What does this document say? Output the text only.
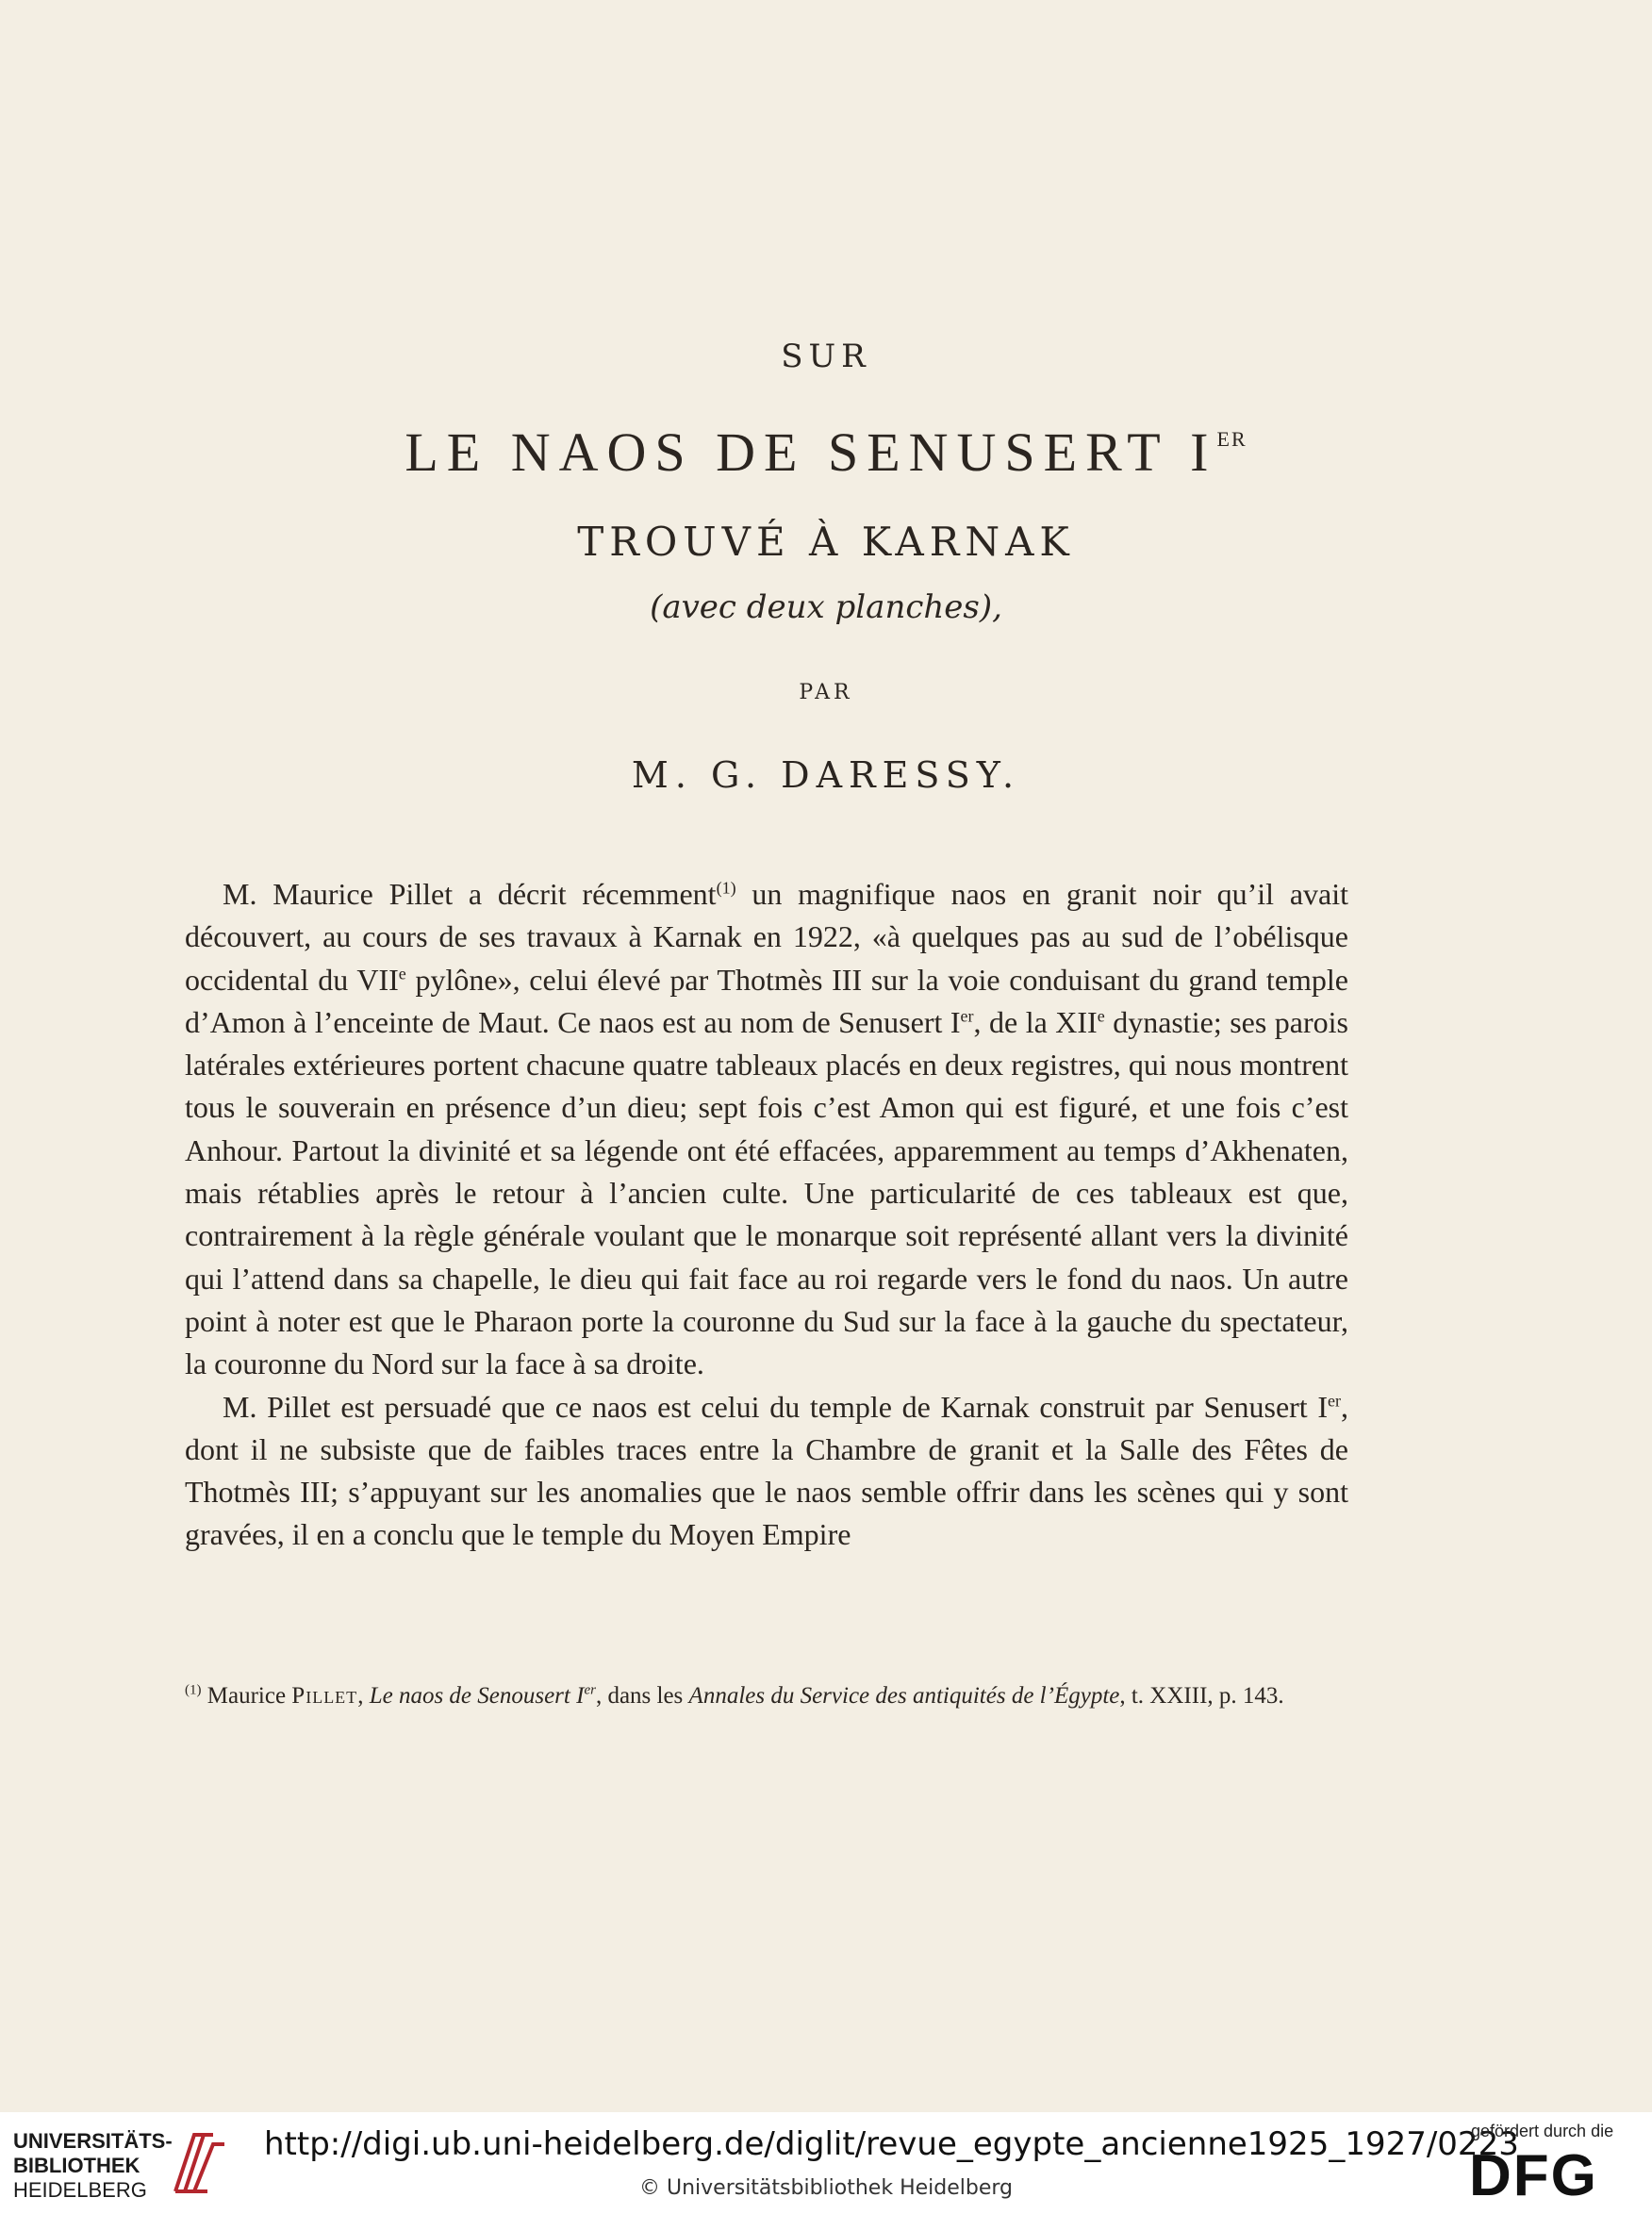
SUR
LE NAOS DE SENUSERT IER
TROUVÉ À KARNAK
(avec deux planches),
PAR
M. G. DARESSY.

M. Maurice Pillet a décrit récemment$^{(1)}$ un magnifique naos en granit noir qu’il avait découvert, au cours de ses travaux à Karnak en 1922, «à quelques pas au sud de l’obélisque occidental du VIIe pylône», celui élevé par Thotmès III sur la voie conduisant du grand temple d’Amon à l’enceinte de Maut. Ce naos est au nom de Senusert Ier, de la XIIe dynastie; ses parois latérales extérieures portent chacune quatre tableaux placés en deux registres, qui nous montrent tous le souverain en présence d’un dieu; sept fois c’est Amon qui est figuré, et une fois c’est Anhour. Partout la divinité et sa légende ont été effacées, apparemment au temps d’Akhenaten, mais rétablies après le retour à l’ancien culte. Une particularité de ces tableaux est que, contrairement à la règle générale voulant que le monarque soit représenté allant vers la divinité qui l’attend dans sa chapelle, le dieu qui fait face au roi regarde vers le fond du naos. Un autre point à noter est que le Pharaon porte la couronne du Sud sur la face à la gauche du spectateur, la couronne du Nord sur la face à sa droite.

M. Pillet est persuadé que ce naos est celui du temple de Karnak construit par Senusert Ier, dont il ne subsiste que de faibles traces entre la Chambre de granit et la Salle des Fêtes de Thotmès III; s’appuyant sur les anomalies que le naos semble offrir dans les scènes qui y sont gravées, il en a conclu que le temple du Moyen Empire

$^{(1)}$ Maurice Pillet, Le naos de Senousert Ier, dans les Annales du Service des antiquités de l’Égypte, t. XXIII, p. 143.
UNIVERSITÄTS-
BIBLIOTHEK
HEIDELBERG
http://digi.ub.uni-heidelberg.de/diglit/revue_egypte_ancienne1925_1927/0223
© Universitätsbibliothek Heidelberg
gefördert durch die
DFG
